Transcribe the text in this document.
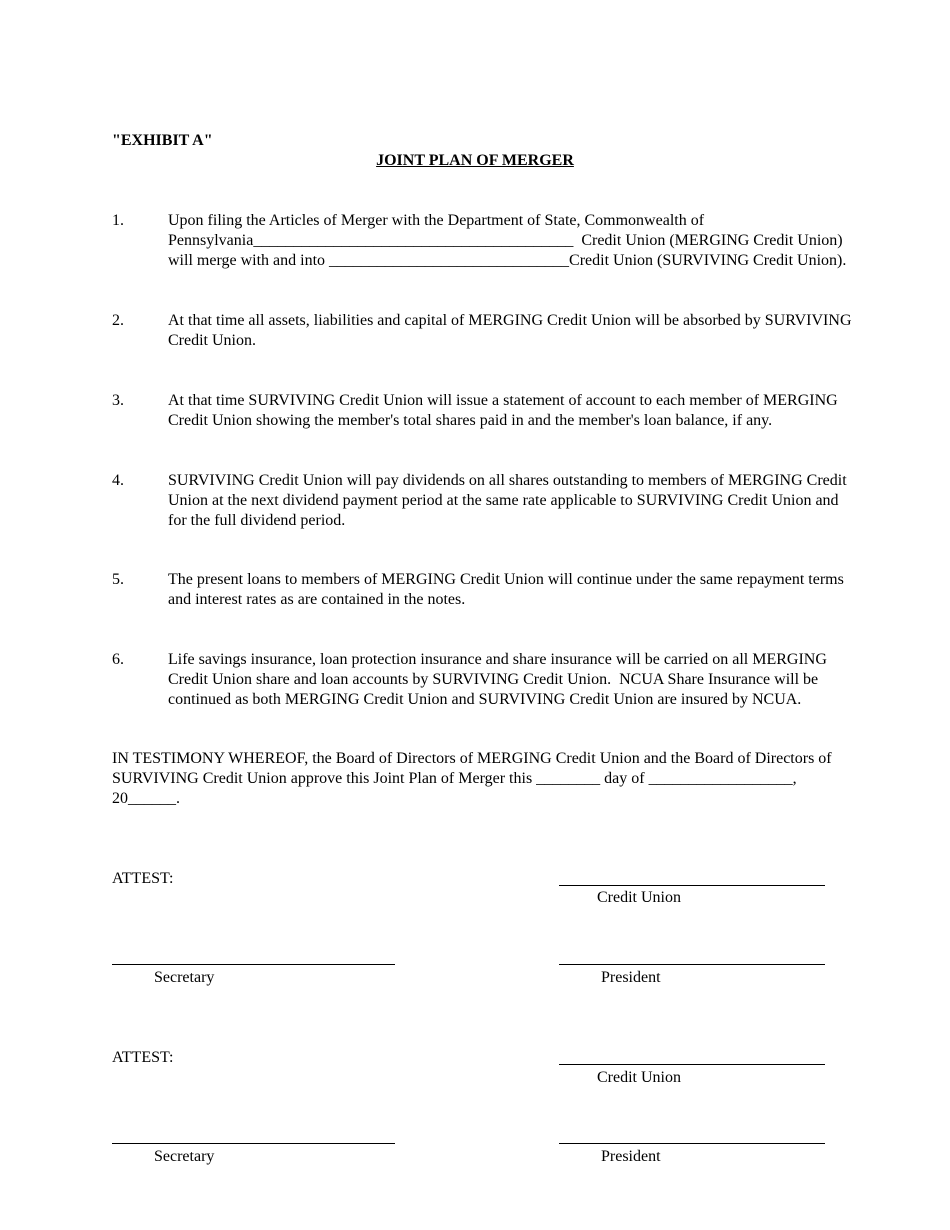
"EXHIBIT A"
JOINT PLAN OF MERGER
1.	Upon filing the Articles of Merger with the Department of State, Commonwealth of
Pennsylvania________________________________________  Credit Union (MERGING Credit Union)
will merge with and into ______________________________Credit Union (SURVIVING Credit Union).
2.	At that time all assets, liabilities and capital of MERGING Credit Union will be absorbed by SURVIVING
Credit Union.
3.	At that time SURVIVING Credit Union will issue a statement of account to each member of MERGING
Credit Union showing the member's total shares paid in and the member's loan balance, if any.
4.	SURVIVING Credit Union will pay dividends on all shares outstanding to members of MERGING Credit
Union at the next dividend payment period at the same rate applicable to SURVIVING Credit Union and
for the full dividend period.
5.	The present loans to members of MERGING Credit Union will continue under the same repayment terms
and interest rates as are contained in the notes.
6.	Life savings insurance, loan protection insurance and share insurance will be carried on all MERGING
Credit Union share and loan accounts by SURVIVING Credit Union.  NCUA Share Insurance will be
continued as both MERGING Credit Union and SURVIVING Credit Union are insured by NCUA.
IN TESTIMONY WHEREOF, the Board of Directors of MERGING Credit Union and the Board of Directors of
SURVIVING Credit Union approve this Joint Plan of Merger this ________ day of __________________,
20______.
ATTEST:
Credit Union
Secretary	President
ATTEST:
Credit Union
Secretary	President
